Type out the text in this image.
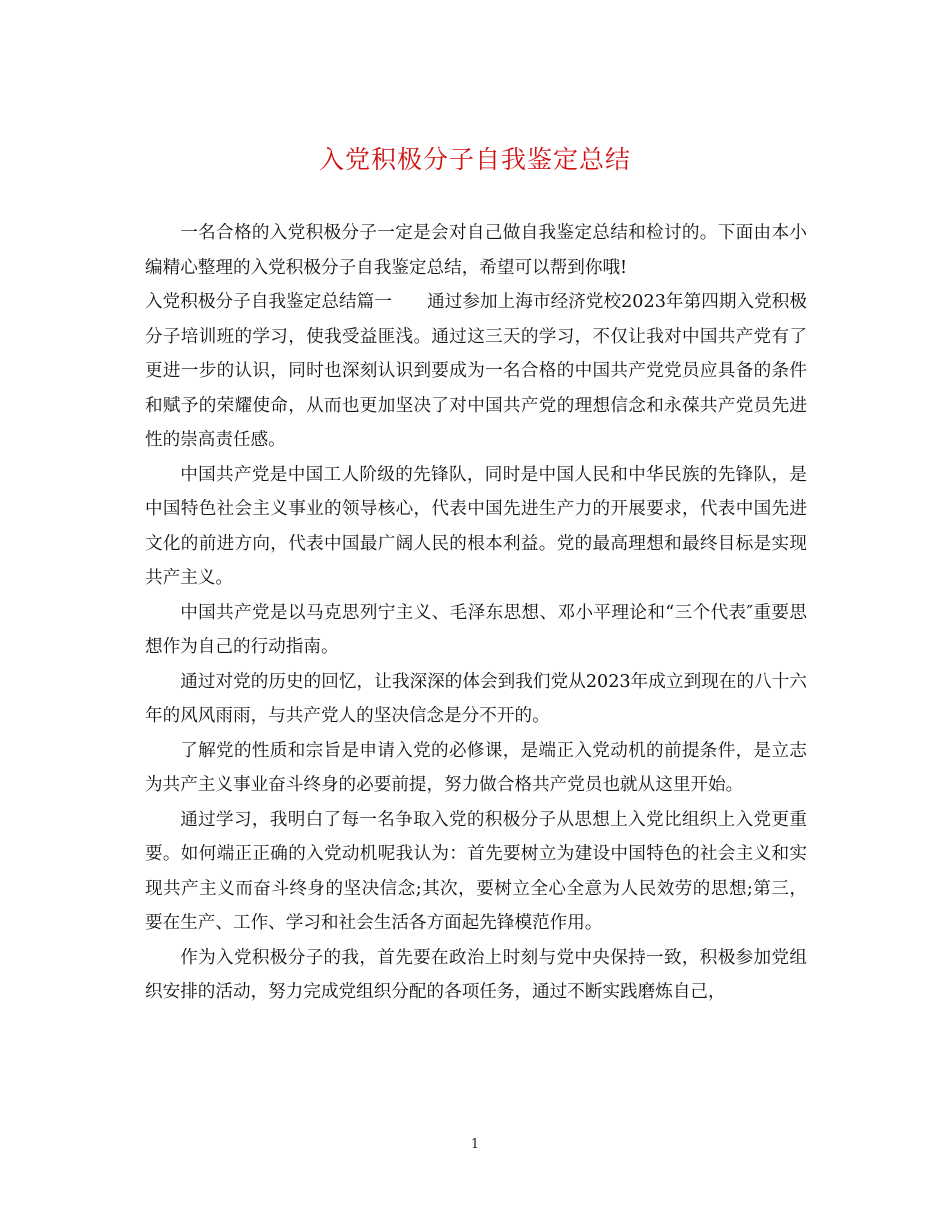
入党积极分子自我鉴定总结

一名合格的入党积极分子一定是会对自己做自我鉴定总结和检讨的。下面由本小编精心整理的入党积极分子自我鉴定总结，希望可以帮到你哦!

入党积极分子自我鉴定总结篇一 通过参加上海市经济党校2023年第四期入党积极分子培训班的学习，使我受益匪浅。通过这三天的学习，不仅让我对中国共产党有了更进一步的认识，同时也深刻认识到要成为一名合格的中国共产党党员应具备的条件和赋予的荣耀使命，从而也更加坚决了对中国共产党的理想信念和永葆共产党员先进性的崇高责任感。

中国共产党是中国工人阶级的先锋队，同时是中国人民和中华民族的先锋队，是中国特色社会主义事业的领导核心，代表中国先进生产力的开展要求，代表中国先进文化的前进方向，代表中国最广阔人民的根本利益。党的最高理想和最终目标是实现共产主义。

中国共产党是以马克思列宁主义、毛泽东思想、邓小平理论和“三个代表″重要思想作为自己的行动指南。

通过对党的历史的回忆，让我深深的体会到我们党从2023年成立到现在的八十六年的风风雨雨，与共产党人的坚决信念是分不开的。

了解党的性质和宗旨是申请入党的必修课，是端正入党动机的前提条件，是立志为共产主义事业奋斗终身的必要前提，努力做合格共产党员也就从这里开始。

通过学习，我明白了每一名争取入党的积极分子从思想上入党比组织上入党更重要。如何端正正确的入党动机呢我认为：首先要树立为建设中国特色的社会主义和实现共产主义而奋斗终身的坚决信念;其次，要树立全心全意为人民效劳的思想;第三，要在生产、工作、学习和社会生活各方面起先锋模范作用。

作为入党积极分子的我，首先要在政治上时刻与党中央保持一致，积极参加党组织安排的活动，努力完成党组织分配的各项任务，通过不断实践磨炼自己，

1
